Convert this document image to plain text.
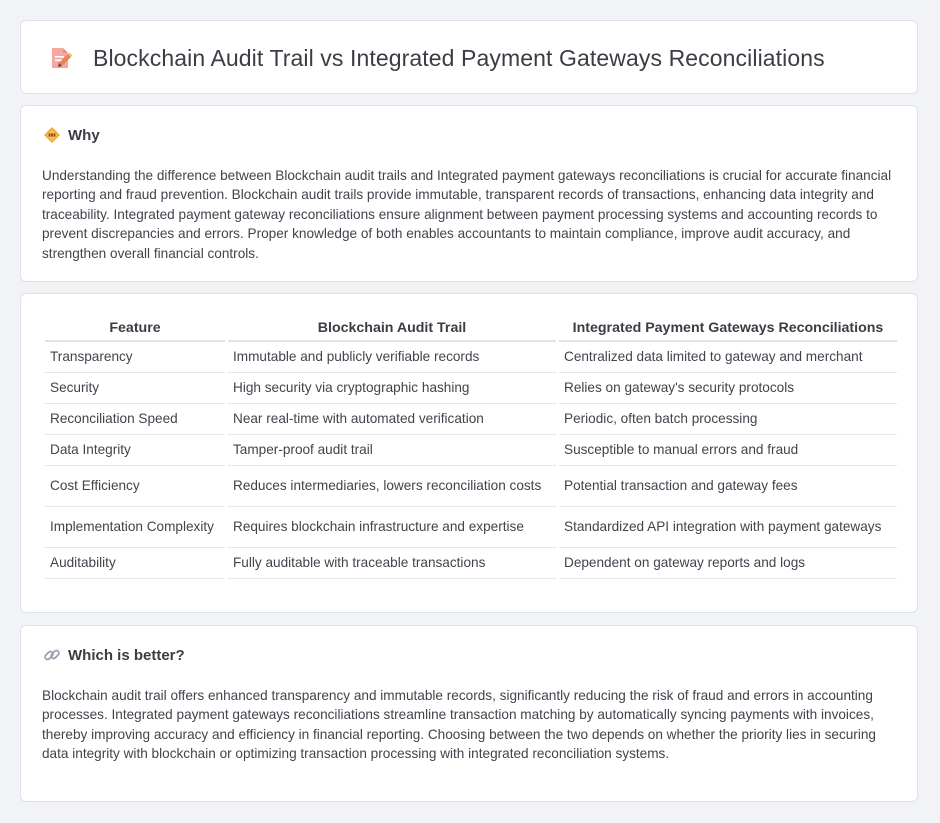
Blockchain Audit Trail vs Integrated Payment Gateways Reconciliations
Why

Understanding the difference between Blockchain audit trails and Integrated payment gateways reconciliations is crucial for accurate financial reporting and fraud prevention. Blockchain audit trails provide immutable, transparent records of transactions, enhancing data integrity and traceability. Integrated payment gateway reconciliations ensure alignment between payment processing systems and accounting records to prevent discrepancies and errors. Proper knowledge of both enables accountants to maintain compliance, improve audit accuracy, and strengthen overall financial controls.

Feature	Blockchain Audit Trail	Integrated Payment Gateways Reconciliations
Transparency	Immutable and publicly verifiable records	Centralized data limited to gateway and merchant
Security	High security via cryptographic hashing	Relies on gateway's security protocols
Reconciliation Speed	Near real-time with automated verification	Periodic, often batch processing
Data Integrity	Tamper-proof audit trail	Susceptible to manual errors and fraud
Cost Efficiency	Reduces intermediaries, lowers reconciliation costs	Potential transaction and gateway fees
Implementation Complexity	Requires blockchain infrastructure and expertise	Standardized API integration with payment gateways
Auditability	Fully auditable with traceable transactions	Dependent on gateway reports and logs
Which is better?

Blockchain audit trail offers enhanced transparency and immutable records, significantly reducing the risk of fraud and errors in accounting processes. Integrated payment gateways reconciliations streamline transaction matching by automatically syncing payments with invoices, thereby improving accuracy and efficiency in financial reporting. Choosing between the two depends on whether the priority lies in securing data integrity with blockchain or optimizing transaction processing with integrated reconciliation systems.
